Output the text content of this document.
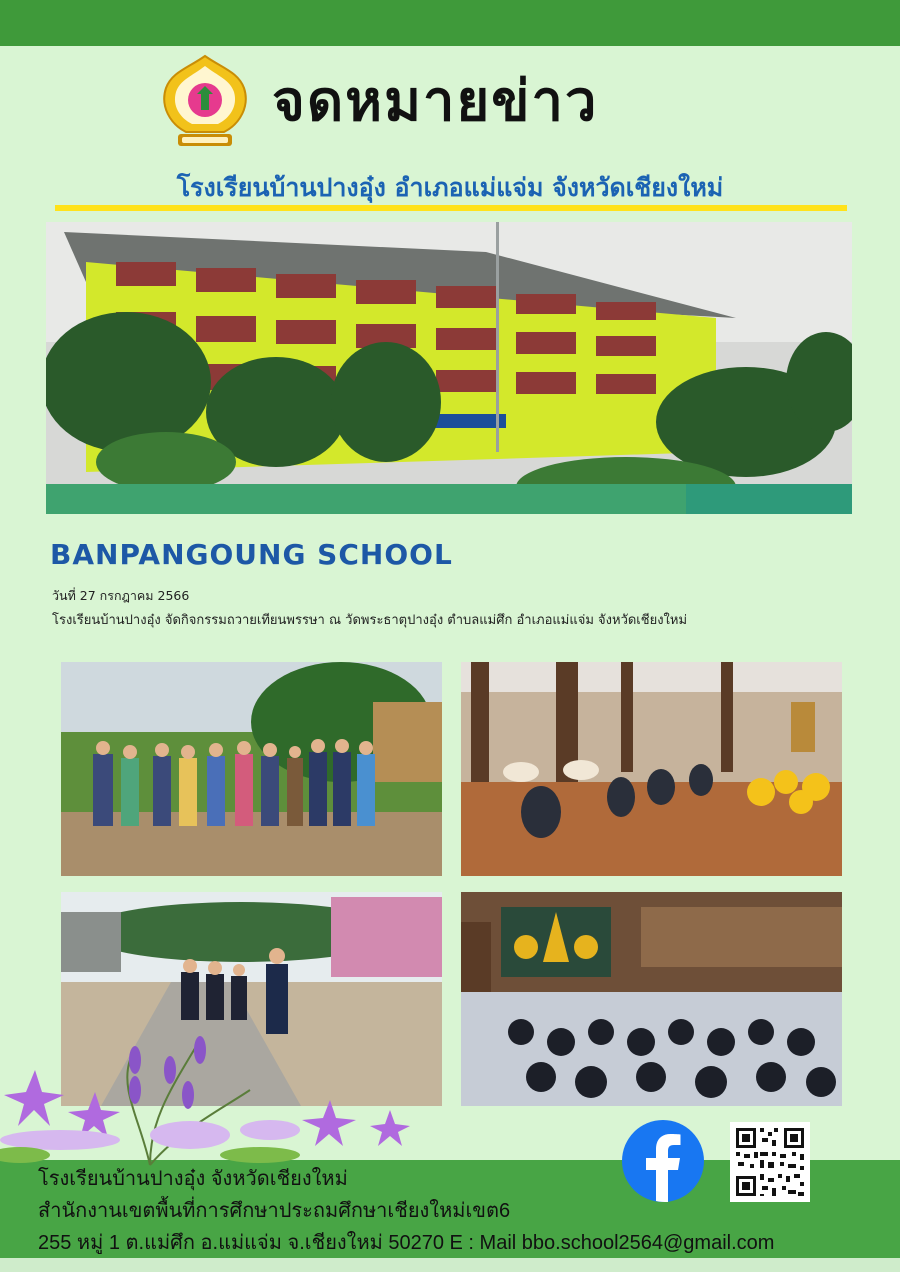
จดหมายข่าว
โรงเรียนบ้านปางอุ๋ง อำเภอแม่แจ่ม จังหวัดเชียงใหม่
BANPANGOUNG SCHOOL

วันที่ 27 กรกฎาคม 2566

โรงเรียนบ้านปางอุ๋ง จัดกิจกรรมถวายเทียนพรรษา ณ วัดพระธาตุปางอุ๋ง ตำบลแม่ศึก อำเภอแม่แจ่ม จังหวัดเชียงใหม่

โรงเรียนบ้านปางอุ๋ง จังหวัดเชียงใหม่

สำนักงานเขตพื้นที่การศึกษาประถมศึกษาเชียงใหม่เขต6

255 หมู่ 1 ต.แม่ศึก อ.แม่แจ่ม จ.เชียงใหม่ 50270 E : Mail bbo.school2564@gmail.com
